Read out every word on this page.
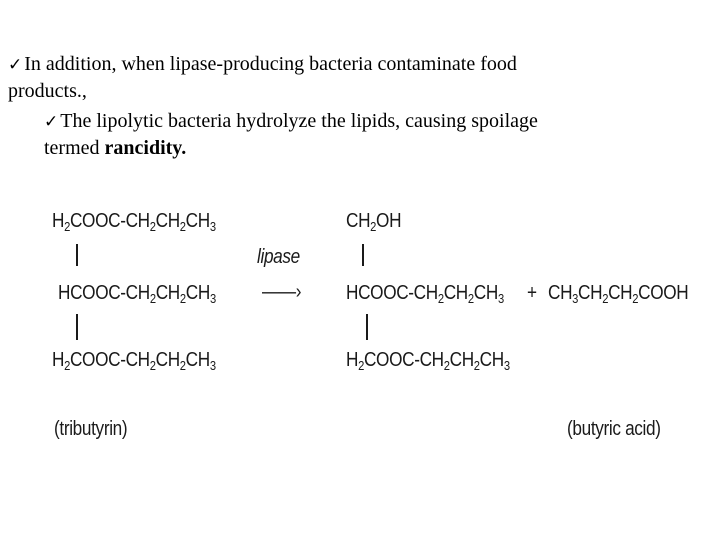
✓ In addition, when lipase-producing bacteria contaminate food
products.,
✓ The lipolytic bacteria hydrolyze the lipids, causing spoilage
termed rancidity.
$H_2COOC-CH_2CH_2CH_3$
HCOOC-$CH_2CH_2CH_3$
$H_2COOC-CH_2CH_2CH_3$
(tributyrin)
lipase
——›
$CH_2OH$
HCOOC-$CH_2CH_2CH_3$
$H_2COOC-CH_2CH_2CH_3$
+ $CH_3CH_2CH_2COOH$
(butyric acid)
